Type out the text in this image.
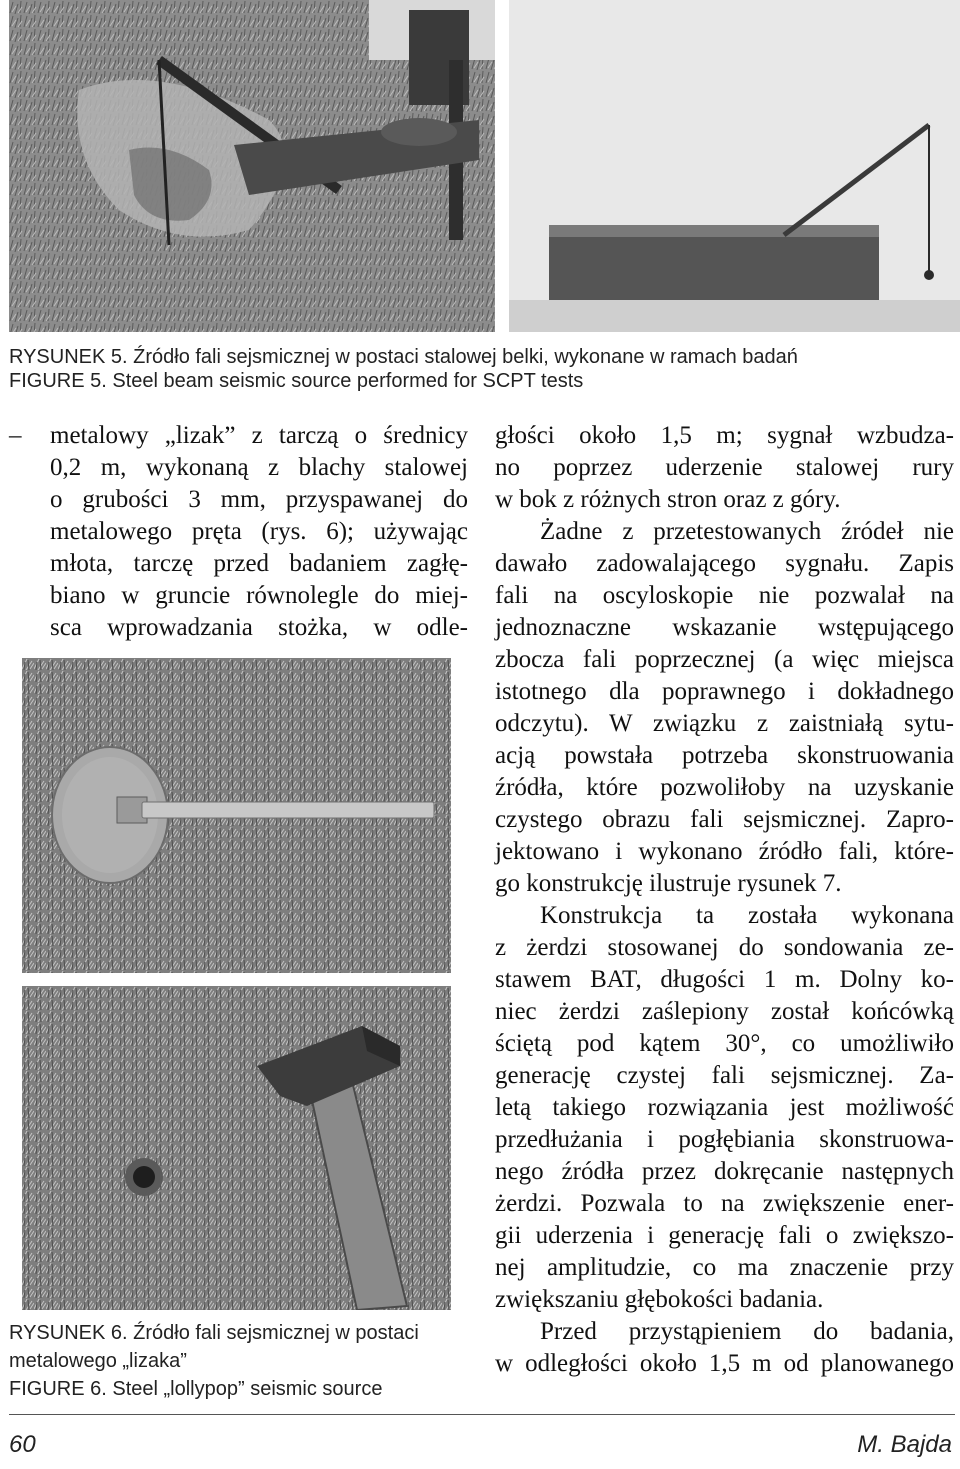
RYSUNEK 5. Źródło fali sejsmicznej w postaci stalowej belki, wykonane w ramach badań
FIGURE 5. Steel beam seismic source performed for SCPT tests
– metalowy „lizak” z tarczą o średnicy
0,2 m, wykonaną z blachy stalowej
o grubości 3 mm, przyspawanej do
metalowego pręta (rys. 6); używając
młota, tarczę przed badaniem zagłę-
biano w gruncie równolegle do miej-
sca wprowadzania stożka, w odle-
RYSUNEK 6. Źródło fali sejsmicznej w postaci
metalowego „lizaka”
FIGURE 6. Steel „lollypop” seismic source
głości około 1,5 m; sygnał wzbudza-
no poprzez uderzenie stalowej rury
w bok z różnych stron oraz z góry.
Żadne z przetestowanych źródeł nie
dawało zadowalającego sygnału. Zapis
fali na oscyloskopie nie pozwalał na
jednoznaczne wskazanie wstępującego
zbocza fali poprzecznej (a więc miejsca
istotnego dla poprawnego i dokładnego
odczytu). W związku z zaistniałą sytu-
acją powstała potrzeba skonstruowania
źródła, które pozwoliłoby na uzyskanie
czystego obrazu fali sejsmicznej. Zapro-
jektowano i wykonano źródło fali, które-
go konstrukcję ilustruje rysunek 7.
Konstrukcja ta została wykonana
z żerdzi stosowanej do sondowania ze-
stawem BAT, długości 1 m. Dolny ko-
niec żerdzi zaślepiony został końcówką
ściętą pod kątem 30°, co umożliwiło
generację czystej fali sejsmicznej. Za-
letą takiego rozwiązania jest możliwość
przedłużania i pogłębiania skonstruowa-
nego źródła przez dokręcanie następnych
żerdzi. Pozwala to na zwiększenie ener-
gii uderzenia i generację fali o zwiększo-
nej amplitudzie, co ma znaczenie przy
zwiększaniu głębokości badania.
Przed przystąpieniem do badania,
w odległości około 1,5 m od planowanego
60	M. Bajda
